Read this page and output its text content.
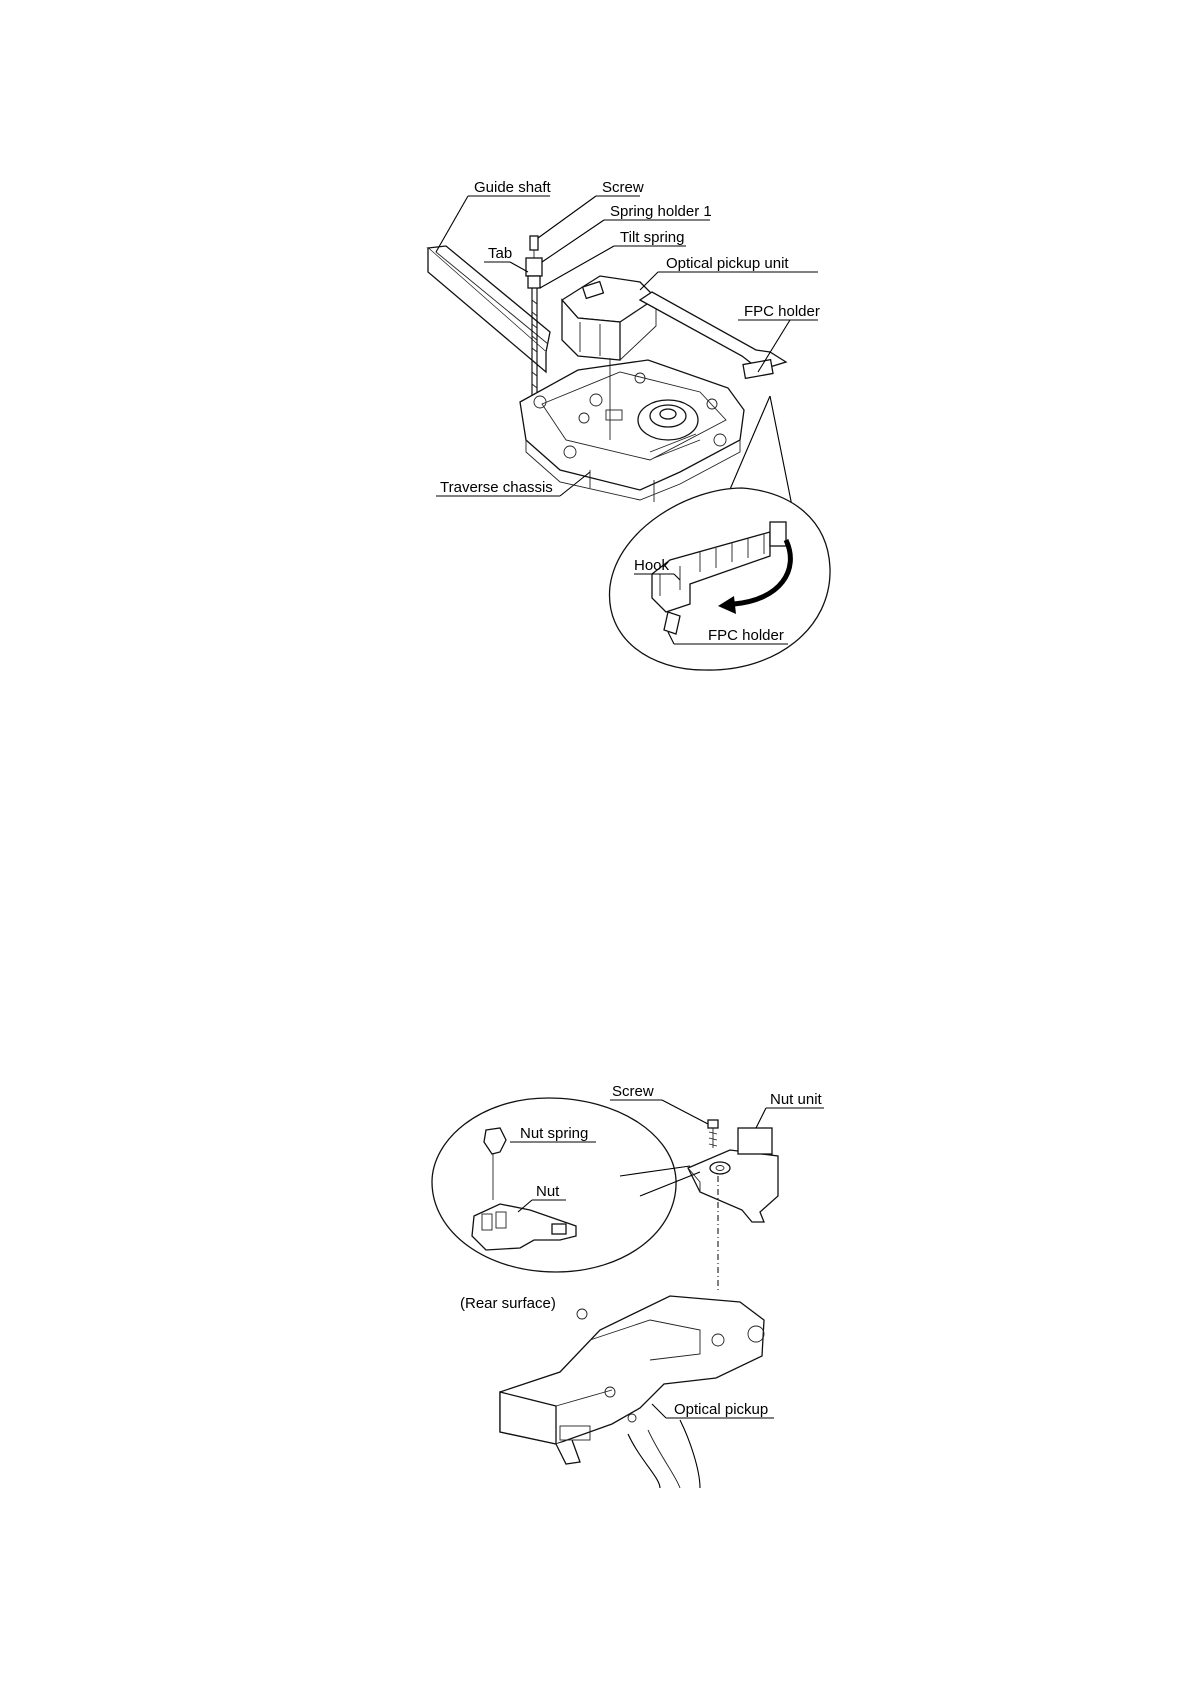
Guide shaft	Screw
Spring holder 1
Tab
Tilt spring
Optical pickup unit
FPC holder
Traverse chassis
Hook
FPC holder
Screw	Nut unit
Nut spring
Nut
(Rear surface)
Optical pickup
